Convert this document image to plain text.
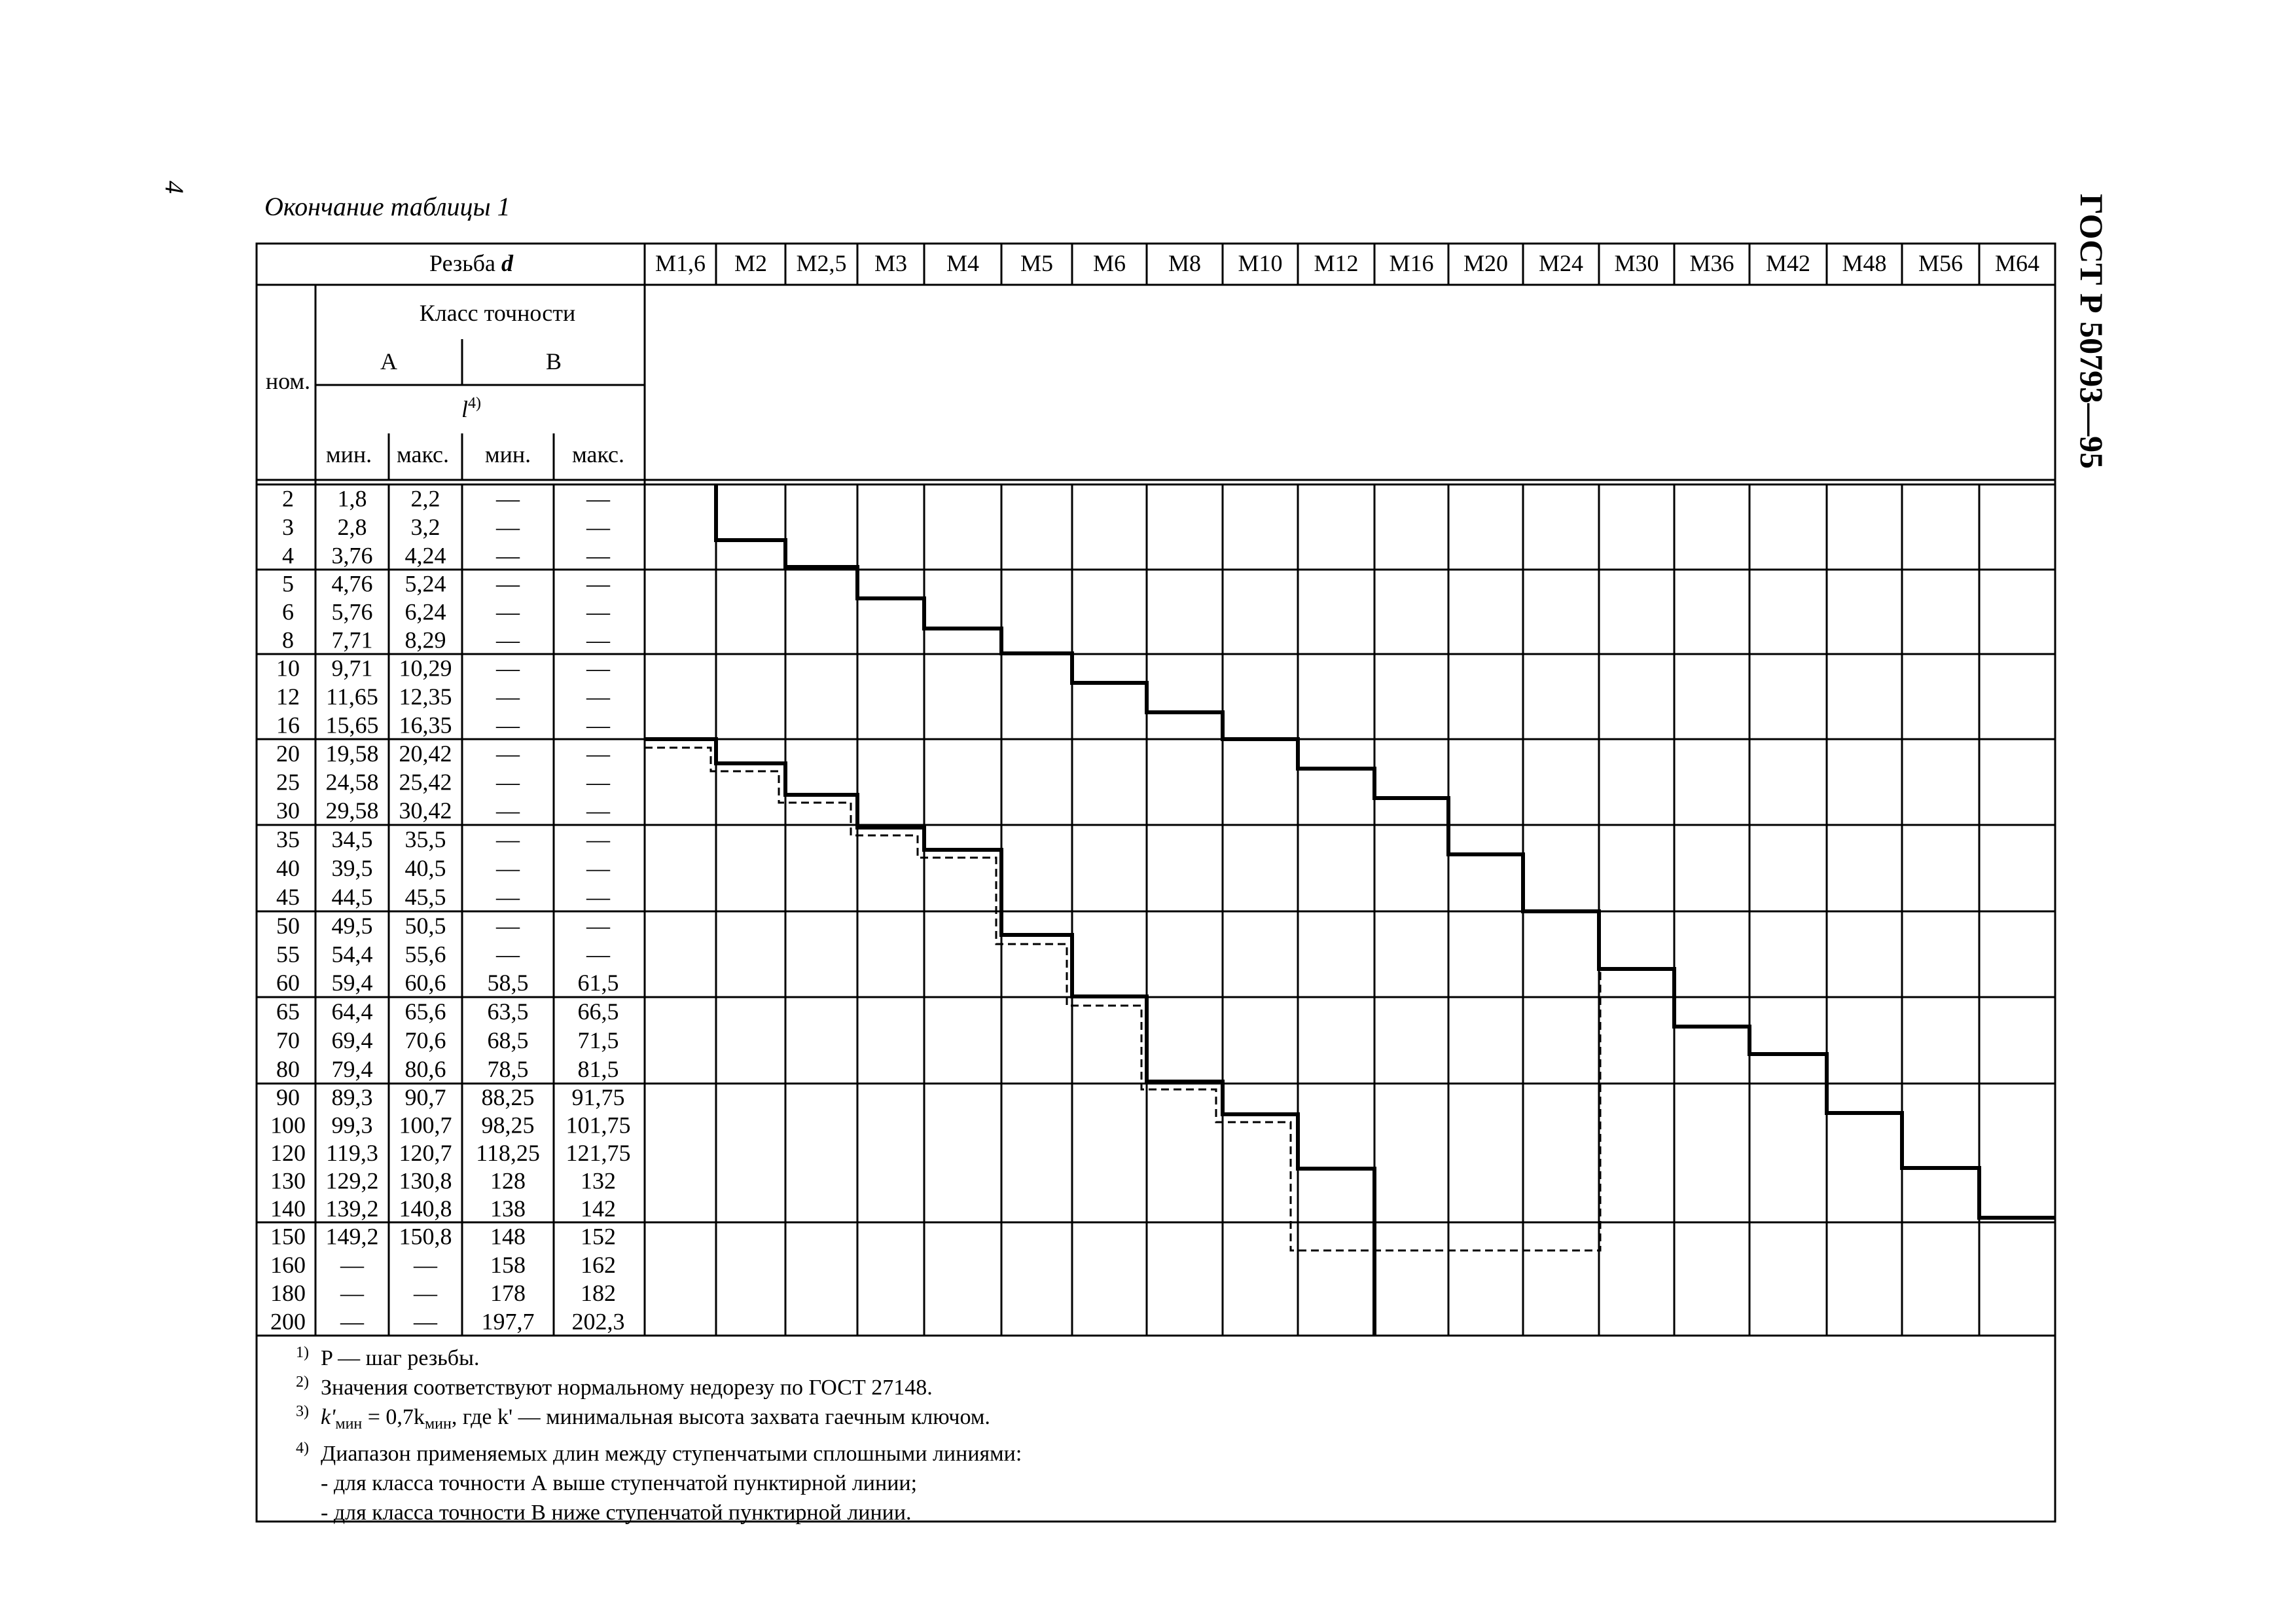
4
Окончание таблицы 1	ГОСТ Р 50793—95
Резьба d
ном.
Класс точности
A	B
$l^{4)}$
мин. макс. мин. макс.
M1,6 M2 M2,5 M3 M4 M5 M6 M8 M10 M12 M16 M20 M24 M30 M36 M42 M48 M56 M64
2 1,8 2,2 —	—
3 2,8 3,2 —	—
4 3,76 4,24 —	—
5 4,76 5,24 —	—
6 5,76 6,24 —	—
8 7,71 8,29 —	—
10 9,71 10,29 —	—
12 11,65 12,35 —	—
16 15,65 16,35 —	—
20 19,58 20,42 —	—
25 24,58 25,42 —	—
30 29,58 30,42 —	—
35 34,5 35,5 —	—
40 39,5 40,5 —	—
45 44,5 45,5 —	—
50 49,5 50,5 —	—
55 54,4 55,6 —	—
60 59,4 60,6 58,5 61,5
65 64,4 65,6 63,5 66,5
70 69,4 70,6 68,5 71,5
80 79,4 80,6 78,5 81,5
90 89,3 90,7 88,25 91,75
100 99,3 100,7 98,25 101,75
120 119,3 120,7 118,25 121,75
130 129,2 130,8 128 132
140 139,2 140,8 138 142
150 149,2 150,8 148 152
160 — — 158 162
180 — — 178 182
200 — — 197,7 202,3
1) P — шаг резьбы.
2) Значения соответствуют нормальному недорезу по ГОСТ 27148.
3) $k'_{мин} = 0,7k_{мин}$, где k' — минимальная высота захвата гаечным ключом.
4) Диапазон применяемых длин между ступенчатыми сплошными линиями:
- для класса точности А выше ступенчатой пунктирной линии;
- для класса точности В ниже ступенчатой пунктирной линии.
